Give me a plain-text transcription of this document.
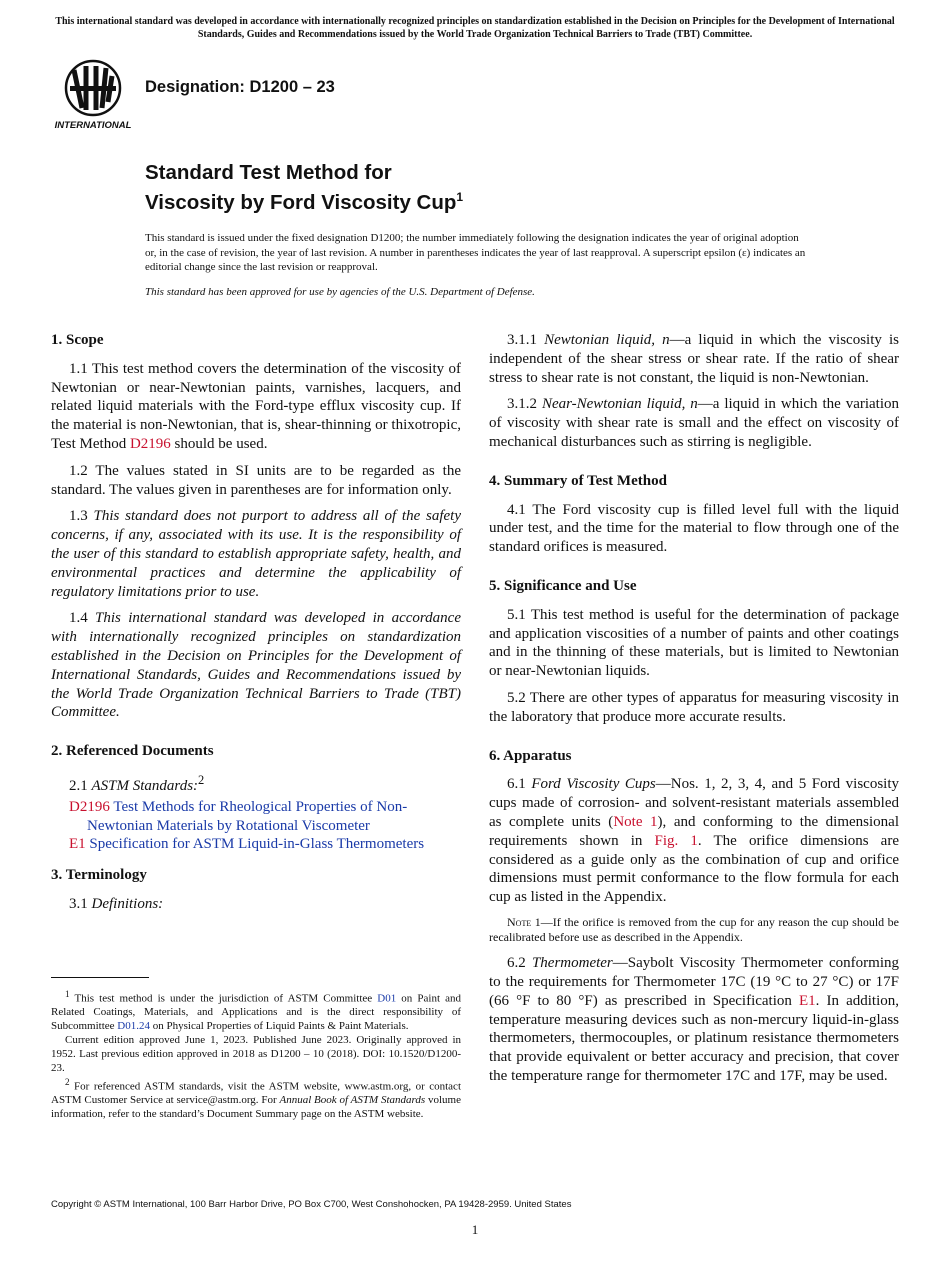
This international standard was developed in accordance with internationally recognized principles on standardization established in the Decision on Principles for the Development of International Standards, Guides and Recommendations issued by the World Trade Organization Technical Barriers to Trade (TBT) Committee.
INTERNATIONAL
Designation: D1200 – 23
Standard Test Method for
Viscosity by Ford Viscosity Cup$^1$
This standard is issued under the fixed designation D1200; the number immediately following the designation indicates the year of original adoption or, in the case of revision, the year of last revision. A number in parentheses indicates the year of last reapproval. A superscript epsilon (ε) indicates an editorial change since the last revision or reapproval.
This standard has been approved for use by agencies of the U.S. Department of Defense.

1. Scope

1.1 This test method covers the determination of the viscosity of Newtonian or near-Newtonian paints, varnishes, lacquers, and related liquid materials with the Ford-type efflux viscosity cup. If the material is non-Newtonian, that is, shear-thinning or thixotropic, Test Method D2196 should be used.

1.2 The values stated in SI units are to be regarded as the standard. The values given in parentheses are for information only.

1.3 This standard does not purport to address all of the safety concerns, if any, associated with its use. It is the responsibility of the user of this standard to establish appropriate safety, health, and environmental practices and determine the applicability of regulatory limitations prior to use.

1.4 This international standard was developed in accordance with internationally recognized principles on standardization established in the Decision on Principles for the Development of International Standards, Guides and Recommendations issued by the World Trade Organization Technical Barriers to Trade (TBT) Committee.

2. Referenced Documents

2.1 ASTM Standards:$^2$

D2196 Test Methods for Rheological Properties of Non-Newtonian Materials by Rotational Viscometer

E1 Specification for ASTM Liquid-in-Glass Thermometers

3. Terminology

3.1 Definitions:

3.1.1 Newtonian liquid, n—a liquid in which the viscosity is independent of the shear stress or shear rate. If the ratio of shear stress to shear rate is not constant, the liquid is non-Newtonian.

3.1.2 Near-Newtonian liquid, n—a liquid in which the variation of viscosity with shear rate is small and the effect on viscosity of mechanical disturbances such as stirring is negligible.

4. Summary of Test Method

4.1 The Ford viscosity cup is filled level full with the liquid under test, and the time for the material to flow through one of the standard orifices is measured.

5. Significance and Use

5.1 This test method is useful for the determination of package and application viscosities of a number of paints and other coatings and in the thinning of these materials, but is limited to Newtonian or near-Newtonian liquids.

5.2 There are other types of apparatus for measuring viscosity in the laboratory that produce more accurate results.

6. Apparatus

6.1 Ford Viscosity Cups—Nos. 1, 2, 3, 4, and 5 Ford viscosity cups made of corrosion- and solvent-resistant materials assembled as complete units (Note 1), and conforming to the dimensional requirements shown in Fig. 1. The orifice dimensions are considered as a guide only as the combination of cup and orifice dimensions must permit conformance to the flow formula for each cup as listed in the Appendix.

Note 1—If the orifice is removed from the cup for any reason the cup should be recalibrated before use as described in the Appendix.

6.2 Thermometer—Saybolt Viscosity Thermometer conforming to the requirements for Thermometer 17C (19 °C to 27 °C) or 17F (66 °F to 80 °F) as prescribed in Specification E1. In addition, temperature measuring devices such as non-mercury liquid-in-glass thermometers, thermocouples, or platinum resistance thermometers that provide equivalent or better accuracy and precision, that cover the temperature range for thermometer 17C and 17F, may be used.

$^1$ This test method is under the jurisdiction of ASTM Committee D01 on Paint and Related Coatings, Materials, and Applications and is the direct responsibility of Subcommittee D01.24 on Physical Properties of Liquid Paints & Paint Materials.

Current edition approved June 1, 2023. Published June 2023. Originally approved in 1952. Last previous edition approved in 2018 as D1200 – 10 (2018). DOI: 10.1520/D1200-23.

$^2$ For referenced ASTM standards, visit the ASTM website, www.astm.org, or contact ASTM Customer Service at service@astm.org. For Annual Book of ASTM Standards volume information, refer to the standard’s Document Summary page on the ASTM website.

Copyright © ASTM International, 100 Barr Harbor Drive, PO Box C700, West Conshohocken, PA 19428-2959. United States
1
